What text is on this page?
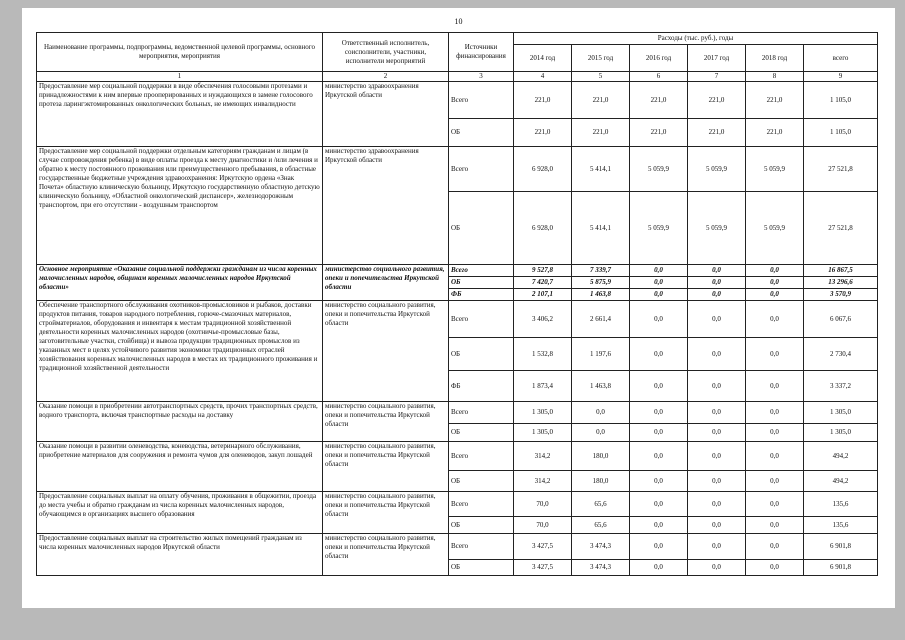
10
Наименование программы, подпрограммы, ведомственной целевой программы, основного мероприятия, мероприятия	Ответственный исполнитель, соисполнители, участники, исполнители мероприятий	Источники финансирования	Расходы (тыс. руб.), годы					
			2014 год	2015 год	2016 год	2017 год	2018 год	всего
1	2	3	4	5	6	7	8	9
Предоставление мер социальной поддержки в виде обеспечения голосовыми протезами и принадлежностями к ним впервые прооперированных и нуждающихся в замене голосового протеза ларингэктомированных онкологических больных, не имеющих инвалидности	министерство здравоохранения Иркутской области	Всего	221,0	221,0	221,0	221,0	221,0	1 105,0
		ОБ	221,0	221,0	221,0	221,0	221,0	1 105,0
Предоставление мер социальной поддержки отдельным категориям гражданам и лицам (в случае сопровождения ребенка) в виде оплаты проезда к месту диагностики и /или лечения и обратно к месту постоянного проживания или преимущественного пребывания, в областные государственные бюджетные учреждения здравоохранения: Иркутскую ордена «Знак Почета» областную клиническую больницу, Иркутскую государственную областную детскую клиническую больницу, «Областной онкологический диспансер», железнодорожным транспортом, при его отсутствии - воздушным транспортом	министерство здравоохранения Иркутской области	Всего	6 928,0	5 414,1	5 059,9	5 059,9	5 059,9	27 521,8
		ОБ	6 928,0	5 414,1	5 059,9	5 059,9	5 059,9	27 521,8
Основное мероприятие «Оказание социальной поддержки гражданам из числа коренных малочисленных народов, общинам коренных малочисленных народов Иркутской области»	министерство социального развития, опеки и попечительства Иркутской области	Всего	9 527,8	7 339,7	0,0	0,0	0,0	16 867,5
		ОБ	7 420,7	5 875,9	0,0	0,0	0,0	13 296,6
		ФБ	2 107,1	1 463,8	0,0	0,0	0,0	3 570,9
Обеспечение транспортного обслуживания охотников-промысловиков и рыбаков, доставки продуктов питания, товаров народного потребления, горюче-смазочных материалов, стройматериалов, оборудования и инвентаря к местам традиционной хозяйственной деятельности коренных малочисленных народов (охотничье-промысловые базы, заготовительные участки, стойбища) и вывоза продукции традиционных промыслов из указанных мест в целях устойчивого развития экономики традиционных отраслей хозяйствования коренных малочисленных народов в местах их традиционного проживания и традиционной хозяйственной деятельности	министерство социального развития, опеки и попечительства Иркутской области	Всего	3 406,2	2 661,4	0,0	0,0	0,0	6 067,6
		ОБ	1 532,8	1 197,6	0,0	0,0	0,0	2 730,4
		ФБ	1 873,4	1 463,8	0,0	0,0	0,0	3 337,2
Оказание помощи в приобретении автотранспортных средств, прочих транспортных средств, водного транспорта, включая транспортные расходы на доставку	министерство социального развития, опеки и попечительства Иркутской области	Всего	1 305,0	0,0	0,0	0,0	0,0	1 305,0
		ОБ	1 305,0	0,0	0,0	0,0	0,0	1 305,0
Оказание помощи в развитии оленеводства, коневодства, ветеринарного обслуживания, приобретение материалов для сооружения и ремонта чумов для оленеводов, закуп лошадей	министерство социального развития, опеки и попечительства Иркутской области	Всего	314,2	180,0	0,0	0,0	0,0	494,2
		ОБ	314,2	180,0	0,0	0,0	0,0	494,2
Предоставление социальных выплат на оплату обучения, проживания в общежитии, проезда до места учебы и обратно гражданам из числа коренных малочисленных народов, обучающимся в организациях высшего образования	министерство социального развития, опеки и попечительства Иркутской области	Всего	70,0	65,6	0,0	0,0	0,0	135,6
		ОБ	70,0	65,6	0,0	0,0	0,0	135,6
Предоставление социальных выплат на строительство жилых помещений гражданам из числа коренных малочисленных народов Иркутской области	министерство социального развития, опеки и попечительства Иркутской области	Всего	3 427,5	3 474,3	0,0	0,0	0,0	6 901,8
		ОБ	3 427,5	3 474,3	0,0	0,0	0,0	6 901,8
